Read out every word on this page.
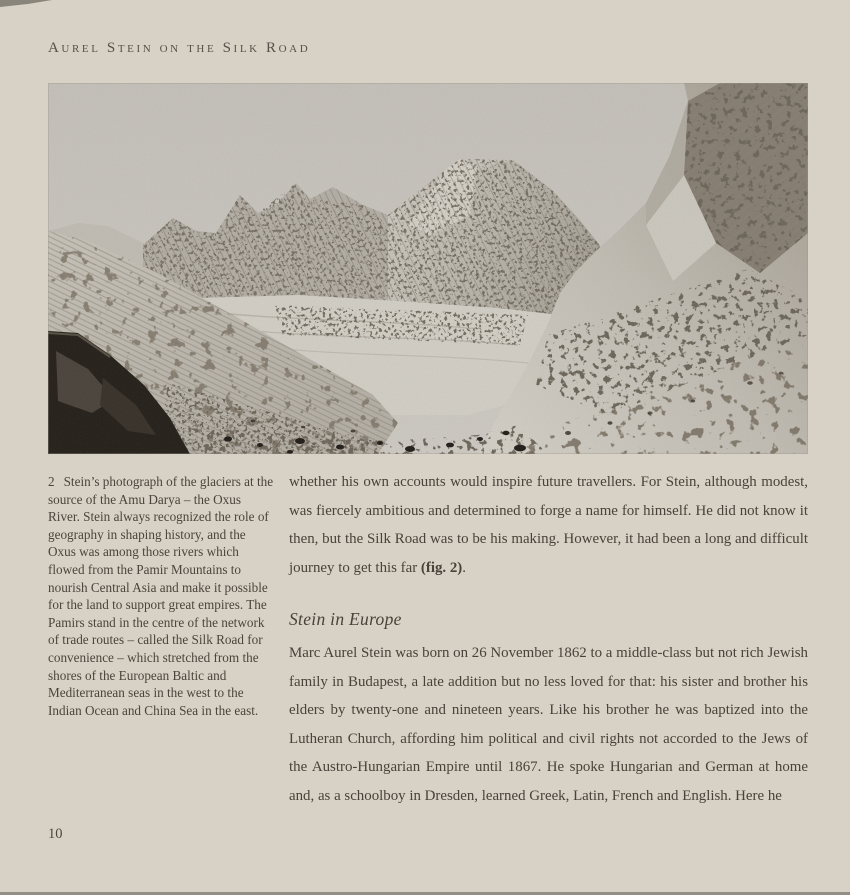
Aurel Stein on the Silk Road
2 Stein’s photograph of the glaciers at the source of the Amu Darya – the Oxus River. Stein always recognized the role of geography in shaping history, and the Oxus was among those rivers which flowed from the Pamir Mountains to nourish Central Asia and make it possible for the land to support great empires. The Pamirs stand in the centre of the network of trade routes – called the Silk Road for convenience – which stretched from the shores of the European Baltic and Mediterranean seas in the west to the Indian Ocean and China Sea in the east.

whether his own accounts would inspire future travellers. For Stein, although modest, was fiercely ambitious and determined to forge a name for himself. He did not know it then, but the Silk Road was to be his making. However, it had been a long and difficult journey to get this far (fig. 2).

Stein in Europe

Marc Aurel Stein was born on 26 November 1862 to a middle-class but not rich Jewish family in Budapest, a late addition but no less loved for that: his sister and brother his elders by twenty-one and nineteen years. Like his brother he was baptized into the Lutheran Church, affording him political and civil rights not accorded to the Jews of the Austro-Hungarian Empire until 1867. He spoke Hungarian and German at home and, as a schoolboy in Dresden, learned Greek, Latin, French and English. Here he

10
